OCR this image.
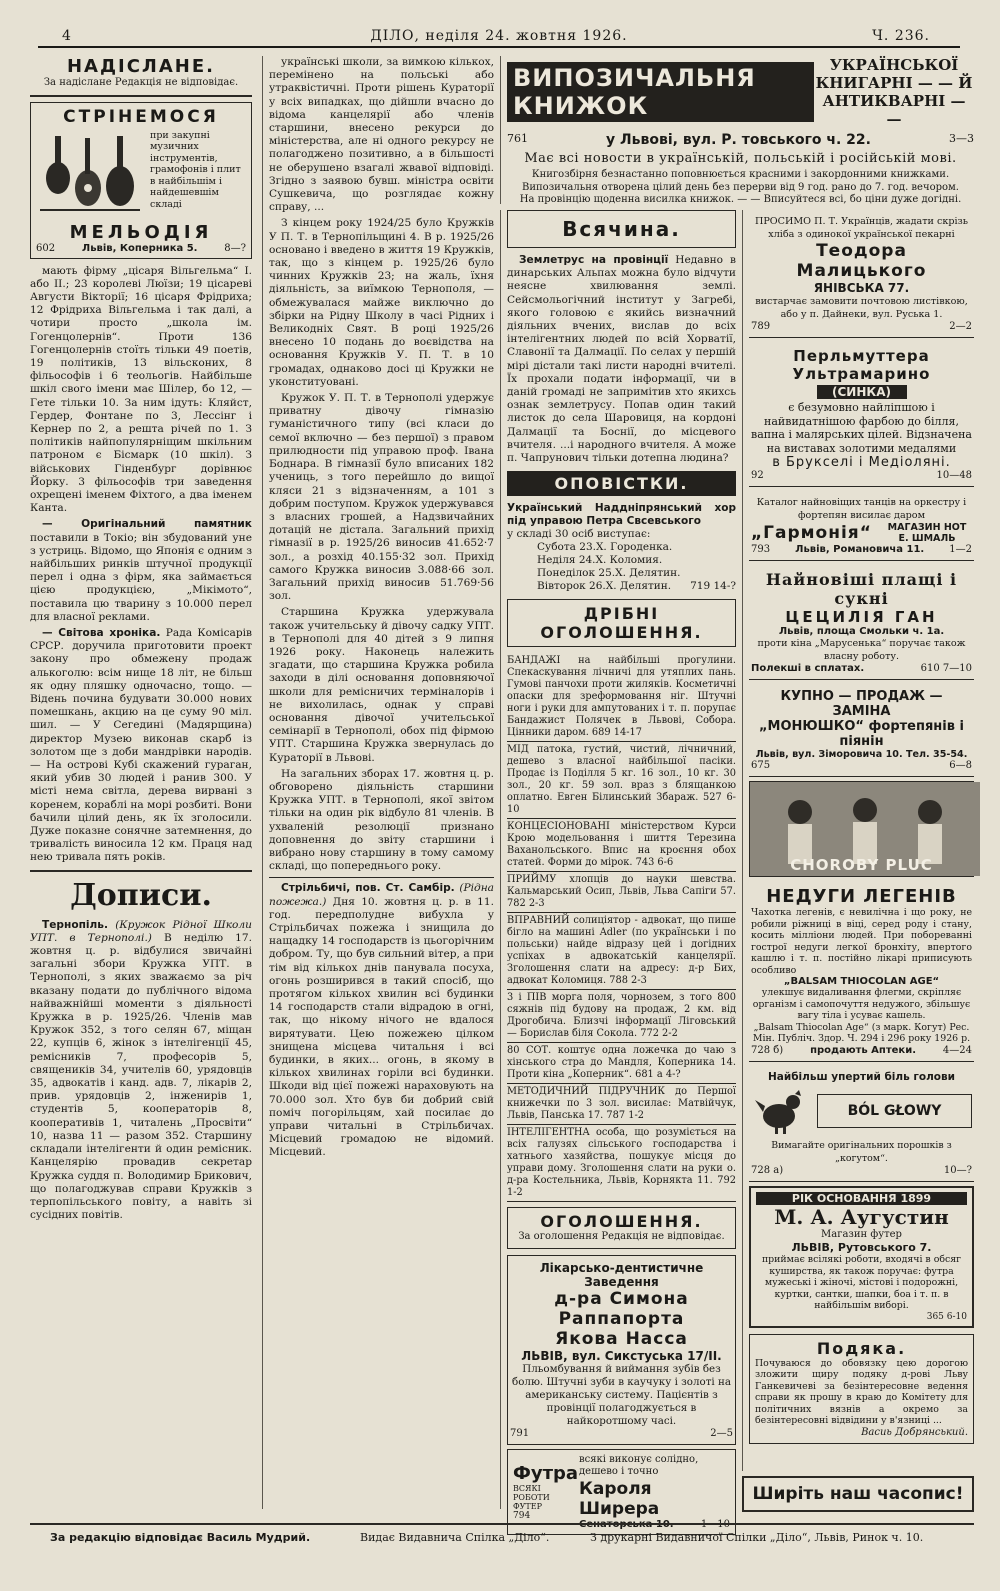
4	ДІЛО, неділя 24. жовтня 1926.	Ч. 236.
НАДІСЛАНЕ.
За надіслане Редакція не відповідає.
СТРІНЕМОСЯ
при закупні музичних інструментів, грамофонів і плит в найбільшім і найдешевшім складі
МЕЛЬОДІЯ
602	Львів, Коперника 5.	8—?

мають фірму „цісаря Вільгельма“ І. або II.; 23 королеві Люїзи; 19 цісареві Августи Вікторії; 16 цісаря Фрідриха; 12 Фрідриха Вільгельма і так далі, а чотири просто „школа ім. Гогенцолернів“. Проти 136 Гогенцолернів стоїть тільки 49 поетів, 19 політиків, 13 вільсконих, 8 фільософів і 6 теольогів. Найбільше шкіл свого імени має Шілер, бо 12, — Гете тільки 10. За ним ідуть: Кляйст, Гердер, Фонтане по 3, Лессінг і Кернер по 2, а решта річей по 1. З політиків найпопулярніщим шкільним патроном є Бісмарк (10 шкіл). З військових Гінденбург дорівнює Йорку. 3 фільософів три заведення охрещені іменем Фіхтого, а два іменем Канта.

— Оригінальний памятник поставили в Токіо; він збудований уне з устриць. Відомо, що Японія є одним з найбільших ринків штучної продукції перел і одна з фірм, яка займається цією продукцією, „Мікімото“, поставила цю тварину з 10.000 перел для власної реклами.

— Світова хроніка. Рада Комісарів СРСР. доручила приготовити проект закону про обмежену продаж алькоголю: всім нище 18 літ, не більш як одну пляшку одночасно, тощо. — Відень почина будувати 30.000 нових помешкань, акцию на це суму 90 міл. шил. — У Сегедині (Мадярщина) директор Музею виконав скарб із золотом ще з доби мандрівки народів. — На острові Кубі скажений гураган, який убив 30 людей і ранив 300. У місті нема світла, дерева вирвані з коренем, кораблі на морі розбиті. Вони бачили цілий день, як їх зголосили. Дуже показне сонячне затемнення, до тривалість виносила 12 км. Праця над нею тривала пять років.

Дописи.

Тернопіль. (Кружок Рідної Школи УПТ. в Тернополі.) В неділю 17. жовтня ц. р. відбулися звичайні загальні збори Кружка УПТ. в Тернополі, з яких зважаємо за річ вказану подати до публічного відома найважнійші моменти з діяльності Кружка в р. 1925/26. Членів мав Кружок 352, з того селян 67, міщан 22, купців 6, жінок з інтелігенції 45, ремісників 7, професорів 5, священиків 34, учителів 60, урядовців 35, адвокатів і канд. адв. 7, лікарів 2, прив. урядовців 2, інженирів 1, студентів 5, кооператорів 8, кооперативів 1, читалень „Просвіти“ 10, назва 11 — разом 352. Старшину складали інтелігенти й один ремісник. Канцелярію провадив секретар Кружка суддя п. Володимир Брикович, що полагоджував справи Кружків з терпопільського повіту, а навіть зі сусідних повітів.

українські школи, за вимкою кількох, перемінено на польські або утраквістичні. Проти рішень Кураторії у всіх випадках, що дійшли вчасно до відома канцелярії або членів старшини, внесено рекурси до міністерства, але ні одного рекурсу не полагоджено позитивно, а в більшості не оберушено взагалі жвавої відповіді. Згідно з заявою бувш. міністра освіти Сушкевича, що розглядає кожну справу, ...

З кінцем року 1924/25 було Кружків У П. Т. в Тернопільщині 4. В р. 1925/26 основано і введено в життя 19 Кружків, так, що з кінцем р. 1925/26 було чинних Кружків 23; на жаль, їхня діяльність, за виїмкою Тернополя, — обмежувалася майже виключно до збірки на Рідну Школу в часі Рідних і Великодніх Свят. В році 1925/26 внесено 10 подань до воєвідства на основання Кружків У. П. Т. в 10 громадах, однаково досі ці Кружки не уконституовані.

Кружок У. П. Т. в Тернополі удержує приватну дівочу гімназію гуманістичного типу (всі класи до семої включно — без першої) з правом прилюдности під управою проф. Івана Боднара. В гімназії було вписаних 182 учениць, з того перейшло до вищої кляси 21 з відзначенням, а 101 з добрим поступом. Кружок удержувався з власних грошей, а Надзвичайних дотацій не дістала. Загальний прихід гімназії в р. 1925/26 виносив 41.652·7 зол., а розхід 40.155·32 зол. Прихід самого Кружка виносив 3.088·66 зол. Загальний прихід виносив 51.769·56 зол.

Старшина Кружка удержувала також учительську й дівочу садку УПТ. в Тернополі для 40 дітей з 9 липня 1926 року. Наконець належить згадати, що старшина Кружка робила заходи в ділі основання доповняючої школи для ремісничих терміналорів і не вихолилась, однак у справі основання дівочої учительської семінарії в Тернополі, обох під фірмою УПТ. Старшина Кружка звернулась до Кураторії в Львові.

На загальних зборах 17. жовтня ц. р. обговорено діяльність старшини Кружка УПТ. в Тернополі, якої звітом тільки на один рік відбуло 81 членів. В ухваленій резолюції признано доповнення до звіту старшини і вибрано нову старшину в тому самому складі, що попереднього року.

Стрільбичі, пов. Ст. Самбір. (Рідна пожежа.) Дня 10. жовтня ц. р. в 11. год. передполудне вибухла у Стрільбичах пожежа і знищила до нащадку 14 господарств із цьогорічним добром. Ту, що був сильний вітер, а при тім від кількох днів панувала посуха, огонь розширився в такий спосіб, що протягом кількох хвилин всі будинки 14 господарств стали відрадою в огні, так, що нікому нічого не вдалося вирятувати. Цею пожежею цілком знищена місцева читальня і всі будинки, в яких... огонь, в якому в кількох хвилинах горіли всі будинки. Шкоди від цієї пожежі нараховують на 70.000 зол. Хто був би добрий свій поміч погорільцям, хай посилає до управи читальні в Стрільбичах. Місцевий громадою не відомий. Місцевий.

ВИПОЗИЧАЛЬНЯ КНИЖОК
УКРАЇНСЬКОЇ КНИГАРНІ — — Й АНТИКВАРНІ — —
761	у Львові, вул. Р. товського ч. 22.	3—3
Має всі новости в українській, польській і російській мові.
Книгозбірня безнастанно поповнюється красними і закордонними книжками.
Випозичальня отворена цілий день без перерви від 9 год. рано до 7. год. вечором.
На провінцію щоденна висилка книжок. — — Вписуйтеся всі, бо ціни дуже догідні.
Всячина.

Землетрус на провінції Недавно в динарських Альпах можна було відчути неясне хвилювання землі. Сейсмольогічний інститут у Загребі, якого головою є якийсь визначний діяльних вчених, вислав до всіх інтелігентних людей по всій Хорватії, Славонії та Далмації. По селах у першій мірі дістали такі листи народні вчителі. Їх прохали подати інформації, чи в даній громаді не запримітив хто якихсь ознак землетрусу. Попав один такий листок до села Шаровиця, на кордоні Далмації та Боснії, до місцевого вчителя. ...і народного вчителя. А може п. Чапрунович тільки дотепна людина?

ОПОВІСТКИ.
Український Наддніпрянський хор під управою Петра Свсевського
у складі 30 осіб виступає:
Субота 23.X. Городенка.
Неділя 24.X. Коломия.
Понеділок 25.X. Делятин.
Вівторок 26.X. Делятин. 719 14-?
ДРІБНІ ОГОЛОШЕННЯ.
БАНДАЖІ на найбільші прогулини. Спекаскування лічничі для утяплих пань. Гумові панчохи проти жиляків. Косметичні опаски для зреформовання ніг. Штучні ноги і руки для ампутованих і т. п. порупає Бандажист Полячек в Львові, Собора. Цінники даром. 689 14-17
МІД патока, густий, чистий, лічничний, дешево з власної найбільшої пасіки. Продає із Поділля 5 кг. 16 зол., 10 кг. 30 зол., 20 кг. 59 зол. враз з блящанкою оплатно. Евген Білинський Збараж. 527 6-10
КОНЦЕСІОНОВАНІ міністерством Курси Крою модельовання і шиття Терезина Ваханольського. Впис на кроєння обох статей. Форми до мірок. 743 6-6
ПРИЙМУ хлопців до науки шевства. Кальмарський Осип, Львів, Льва Сапіги 57. 782 2-3
ВПРАВНИЙ солиціятор - адвокат, що пише бігло на машині Adler (по українськи і по польськи) найде відразу цей і догідних успіхах в адвокатській канцелярії. Зголошення слати на адресу: д-р Бих, адвокат Коломиця. 788 2-3
3 і ПІВ морга поля, чорнозем, з того 800 сяжнів під будову на продаж, 2 км. від Дрогобича. Близчі інформації Ліговський — Борислав біля Сокола. 772 2-2
80 СОТ. коштує одна ложечка до чаю з хінського стра до Мандля, Коперника 14. Проти кіна „Коперник“. 681 а 4-?
МЕТОДИЧНИЙ ПІДРУЧНИК до Першої книжечки по 3 зол. висилає: Матвійчук, Львів, Панська 17. 787 1-2
ІНТЕЛІГЕНТНА особа, що розуміється на всіх галузях сільського господарства і хатнього хазяйства, пошукує місця до управи дому. Зголошення слати на руки о. д-ра Костельника, Львів, Корнякта 11. 792 1-2
ОГОЛОШЕННЯ.
За оголошення Редакція не відповідає.
Лікарсько-дентистичне Заведення
д-ра Симона Раппапорта
Якова Насса
ЛЬВІВ, вул. Сикстуська 17/II.
Пльомбування й виймання зубів без болю. Штучні зуби в каучуку і золоті на американську систему. Пацієнтів з провінції полагоджується в найкоротшому часі.
791	2—5
Футра
ВСЯКІ РОБОТИ ФУТЕР
794
всякі виконує солідно, дешево і точно
Кароля Ширера
Сенаторська 10.	1—10
ПРОСИМО П. Т. Українців, жадати скрізь хліба з одинокої української пекарні
Теодора Малицького
ЯНІВСЬКА 77.
вистарчає замовити почтовою листівкою, або у п. Дайнеки, вул. Руська 1.
789	2—2
Перльмуттера Ультрамарино
(СИНКА)
є безумовно найліпшою і найвидатнішою фарбою до білля, вапна і малярських цілей. Відзначена на виставах золотими медалями
в Брукселі і Медіоляні.
92	10—48
Каталог найновіщих танців на оркестру і фортепян висилає даром
„Гармонія“	МАГАЗИН НОТ Е. ШМАЛЬ
793	Львів, Романовича 11.	1—2
Найновіші плащі і сукні
ЦЕЦИЛІЯ ГАН
Львів, площа Смольки ч. 1а.
проти кіна „Марусенька“ поручає також власну роботу.
Полекші в сплатах.	610 7—10
КУПНО — ПРОДАЖ — ЗАМІНА
„МОНЮШКО“ фортепянів і піянін
Львів, вул. Зіморовича 10. Тел. 35-54.
675	6—8
CHOROBY PLUC
НЕДУГИ ЛЕГЕНІВ
Чахотка легенів, є невилічна і що року, не робили ріжниці в віці, серед роду і стану, косить мілліони людей. При побореванні гострої недуги легкої бронхіту, впертого кашлю і т. п. постійно лікарі приписують особливо
„BALSAM THIOCOLAN AGE“
улекшує видаливання флегми, скріпляє організм і самопочуття недужого, збільшує вагу тіла і усуває кашель.
„Balsam Thiocolan Age“ (з марк. Когут) Рес. Мін. Публіч. Здор. Ч. 294 і 296 року 1926 р.
728 б)	продають Аптеки.	4—24
Найбільш упертий біль голови
BÓL GŁOWY
Вимагайте оригінальних порошків з „когутом“.
728 а)	10—?
РІК ОСНОВАННЯ 1899
М. А. Аугустин
Магазин футер
ЛЬВІВ, Рутовського 7.
приймає всілякі роботи, входячі в обсяг куширства, як також поручає: футра мужеські і жіночі, містові і подорожні, куртки, сантки, шапки, боа і т. п. в найбільшім виборі.
365 6-10
Подяка.
Почуваюся до обовязку цею дорогою зложити щиру подяку д-рові Льву Ганкевичеві за безінтересовне ведення справи як прошу в краю до Комітету для політичних вязнів а окремо за безінтересовні відвідини у в'язниці ...
Васиь Добрянський.
Ширіть наш часопис!
За редакцію відповідає Василь Мудрий.	Видає Видавнича Спілка „Діло“.	З друкарні Видавничої Спілки „Діло“, Львів, Ринок ч. 10.
